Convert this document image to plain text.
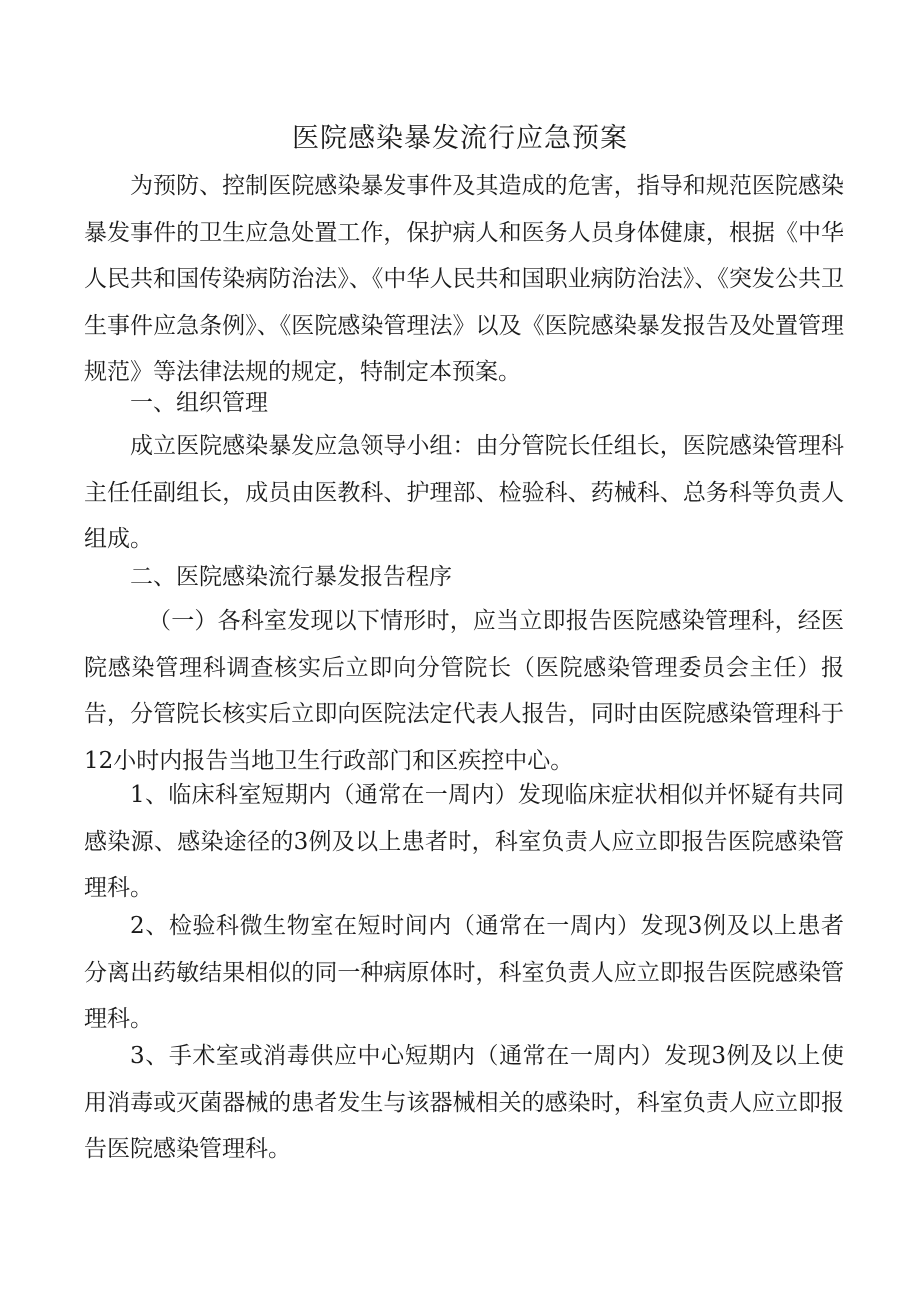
医院感染暴发流行应急预案

为预防、控制医院感染暴发事件及其造成的危害，指导和规范医院感染暴发事件的卫生应急处置工作，保护病人和医务人员身体健康，根据《中华人民共和国传染病防治法》、《中华人民共和国职业病防治法》、《突发公共卫生事件应急条例》、《医院感染管理法》以及《医院感染暴发报告及处置管理规范》等法律法规的规定，特制定本预案。

一、组织管理

成立医院感染暴发应急领导小组：由分管院长任组长，医院感染管理科主任任副组长，成员由医教科、护理部、检验科、药械科、总务科等负责人组成。

二、医院感染流行暴发报告程序

（一）各科室发现以下情形时，应当立即报告医院感染管理科，经医院感染管理科调查核实后立即向分管院长（医院感染管理委员会主任）报告，分管院长核实后立即向医院法定代表人报告，同时由医院感染管理科于12小时内报告当地卫生行政部门和区疾控中心。

1、临床科室短期内（通常在一周内）发现临床症状相似并怀疑有共同感染源、感染途径的3例及以上患者时，科室负责人应立即报告医院感染管理科。

2、检验科微生物室在短时间内（通常在一周内）发现3例及以上患者分离出药敏结果相似的同一种病原体时，科室负责人应立即报告医院感染管理科。

3、手术室或消毒供应中心短期内（通常在一周内）发现3例及以上使用消毒或灭菌器械的患者发生与该器械相关的感染时，科室负责人应立即报告医院感染管理科。
